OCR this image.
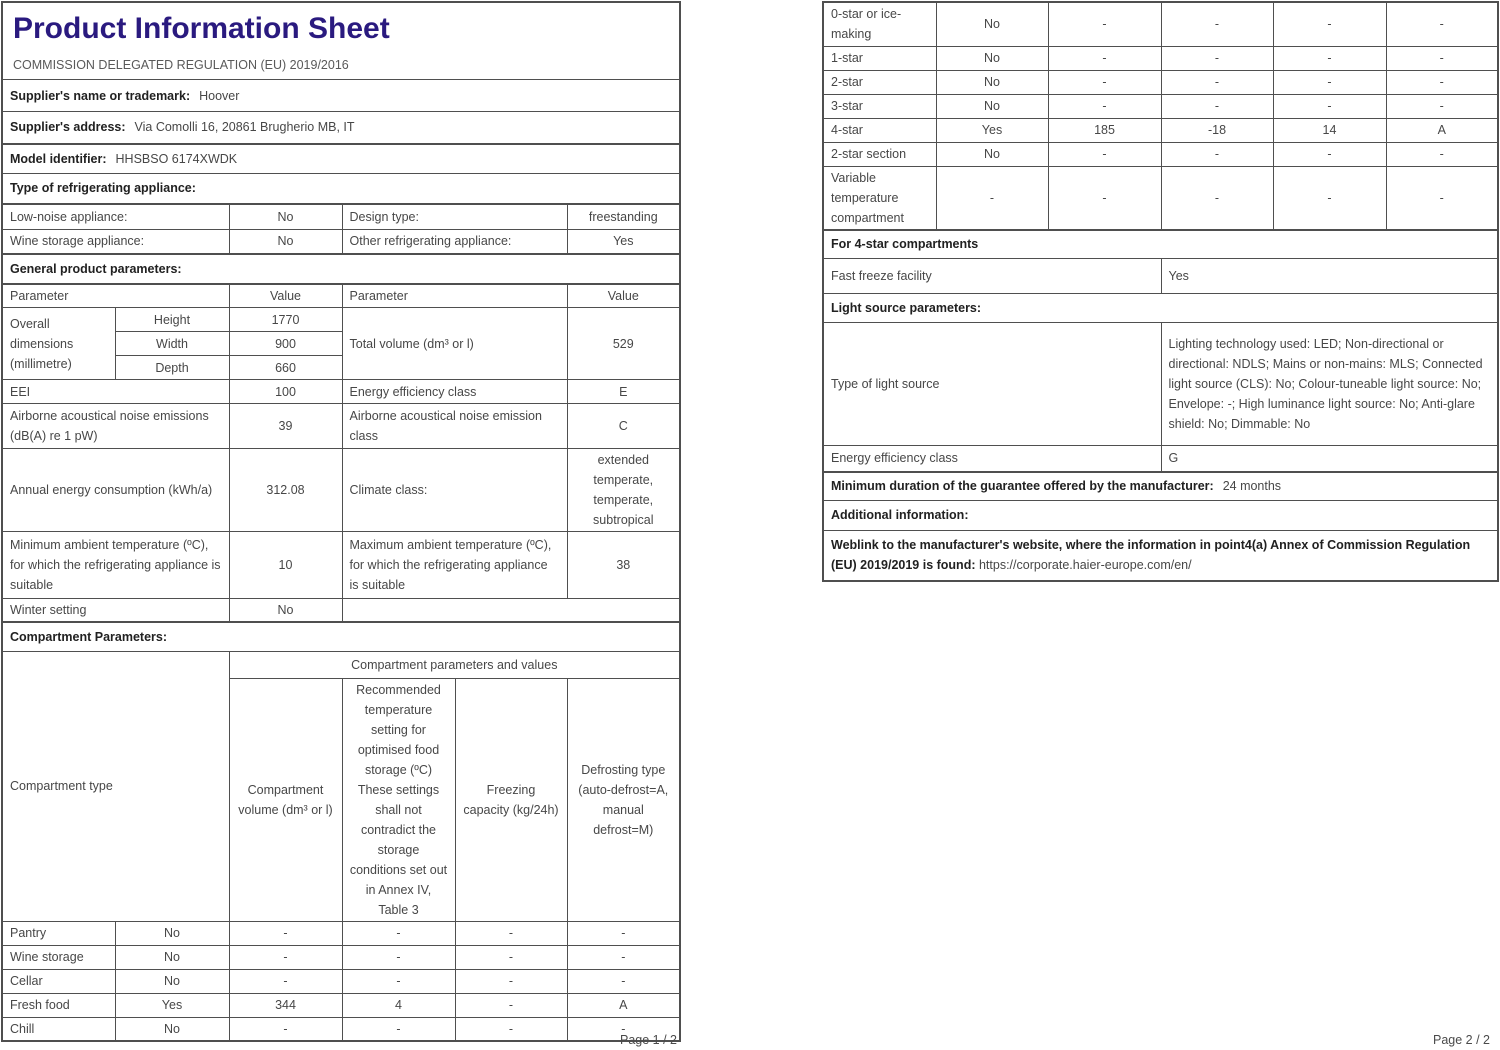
Product Information Sheet
COMMISSION DELEGATED REGULATION (EU) 2019/2016					

Supplier's name or trademark: Hoover					
Supplier's address: Via Comolli 16, 20861 Brugherio MB, IT					
Model identifier: HHSBSO 6174XWDK					
Type of refrigerating appliance:					
Low-noise appliance:		No	Design type:		freestanding
Wine storage appliance:		No	Other refrigerating appliance:		Yes
General product parameters:					
Parameter		Value	Parameter		Value
Overall dimensions (millimetre)	Height	1770	Total volume (dm³ or l)		529
	Width	900			
	Depth	660			
EEI		100	Energy efficiency class		E
Airborne acoustical noise emissions (dB(A) re 1 pW)		39	Airborne acoustical noise emission class		C
Annual energy consumption (kWh/a)		312.08	Climate class:		extended temperate, temperate, subtropical
Minimum ambient temperature (ºC), for which the refrigerating appliance is suitable		10	Maximum ambient temperature (ºC), for which the refrigerating appliance is suitable		38
Winter setting		No			
Compartment Parameters:					
Compartment type		Compartment parameters and values			
		Compartment volume (dm³ or l)	Recommended temperature setting for optimised food storage (ºC) These settings shall not contradict the storage conditions set out in Annex IV, Table 3	Freezing capacity (kg/24h)	Defrosting type (auto-defrost=A, manual defrost=M)
Pantry	No	-	-	-	-
Wine storage	No	-	-	-	-
Cellar	No	-	-	-	-
Fresh food	Yes	344	4	-	A
Chill	No	-	-	-	-
Page 1 / 2
0-star or ice-making	No	-	-	-	-
1-star	No	-	-	-	-
2-star	No	-	-	-	-
3-star	No	-	-	-	-
4-star	Yes	185	-18	14	A
2-star section	No	-	-	-	-
Variable temperature compartment	-	-	-	-	-
For 4-star compartments					
Fast freeze facility			Yes		
Light source parameters:					
Type of light source			Lighting technology used: LED; Non-directional or directional: NDLS; Mains or non-mains: MLS; Connected light source (CLS): No; Colour-tuneable light source: No; Envelope: -; High luminance light source: No; Anti-glare shield: No; Dimmable: No		
Energy efficiency class			G		
Minimum duration of the guarantee offered by the manufacturer: 24 months					
Additional information:					
Weblink to the manufacturer's website, where the information in point4(a) Annex of Commission Regulation (EU) 2019/2019 is found: https://corporate.haier-europe.com/en/					
Page 2 / 2
